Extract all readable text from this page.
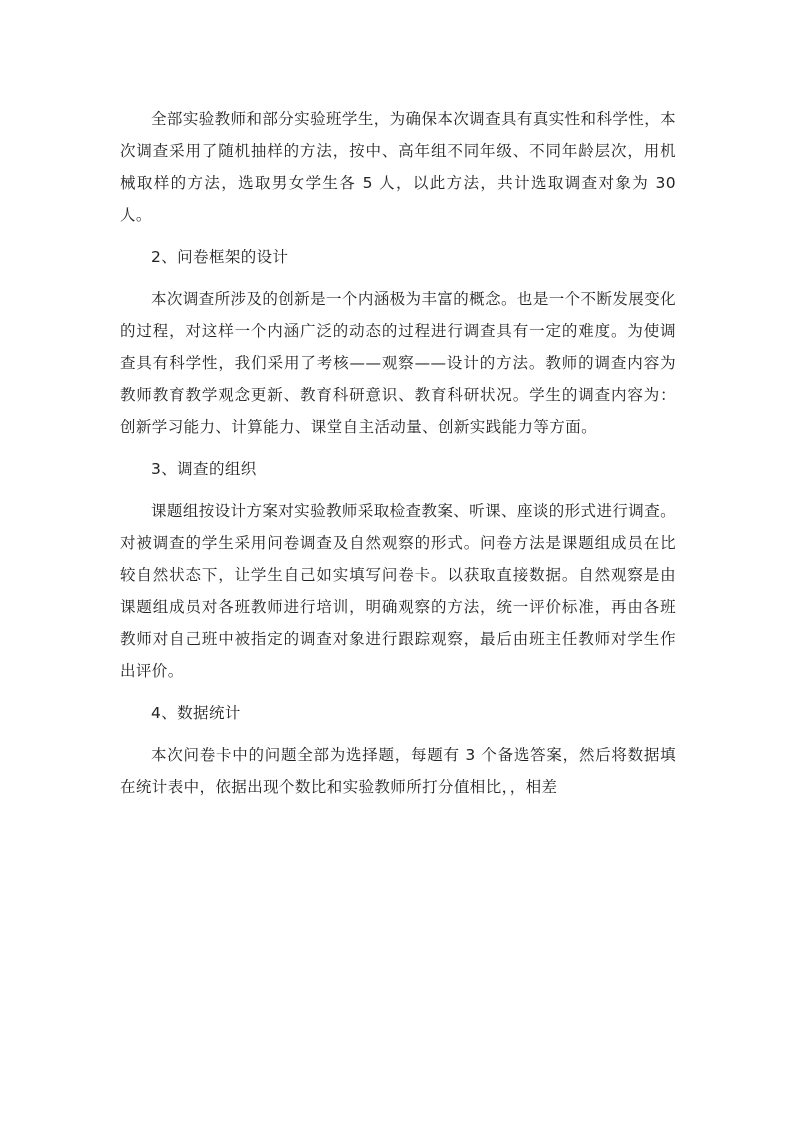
全部实验教师和部分实验班学生，为确保本次调查具有真实性和科学性，本次调查采用了随机抽样的方法，按中、高年组不同年级、不同年龄层次，用机械取样的方法，选取男女学生各 5 人，以此方法，共计选取调查对象为 30 人。

2、问卷框架的设计

本次调查所涉及的创新是一个内涵极为丰富的概念。也是一个不断发展变化的过程，对这样一个内涵广泛的动态的过程进行调查具有一定的难度。为使调查具有科学性，我们采用了考核——观察——设计的方法。教师的调查内容为教师教育教学观念更新、教育科研意识、教育科研状况。学生的调查内容为：创新学习能力、计算能力、课堂自主活动量、创新实践能力等方面。

3、调查的组织

课题组按设计方案对实验教师采取检查教案、听课、座谈的形式进行调查。对被调查的学生采用问卷调查及自然观察的形式。问卷方法是课题组成员在比较自然状态下，让学生自己如实填写问卷卡。以获取直接数据。自然观察是由课题组成员对各班教师进行培训，明确观察的方法，统一评价标准，再由各班教师对自己班中被指定的调查对象进行跟踪观察，最后由班主任教师对学生作出评价。

4、数据统计

本次问卷卡中的问题全部为选择题，每题有 3 个备选答案，然后将数据填在统计表中，依据出现个数比和实验教师所打分值相比，，相差
